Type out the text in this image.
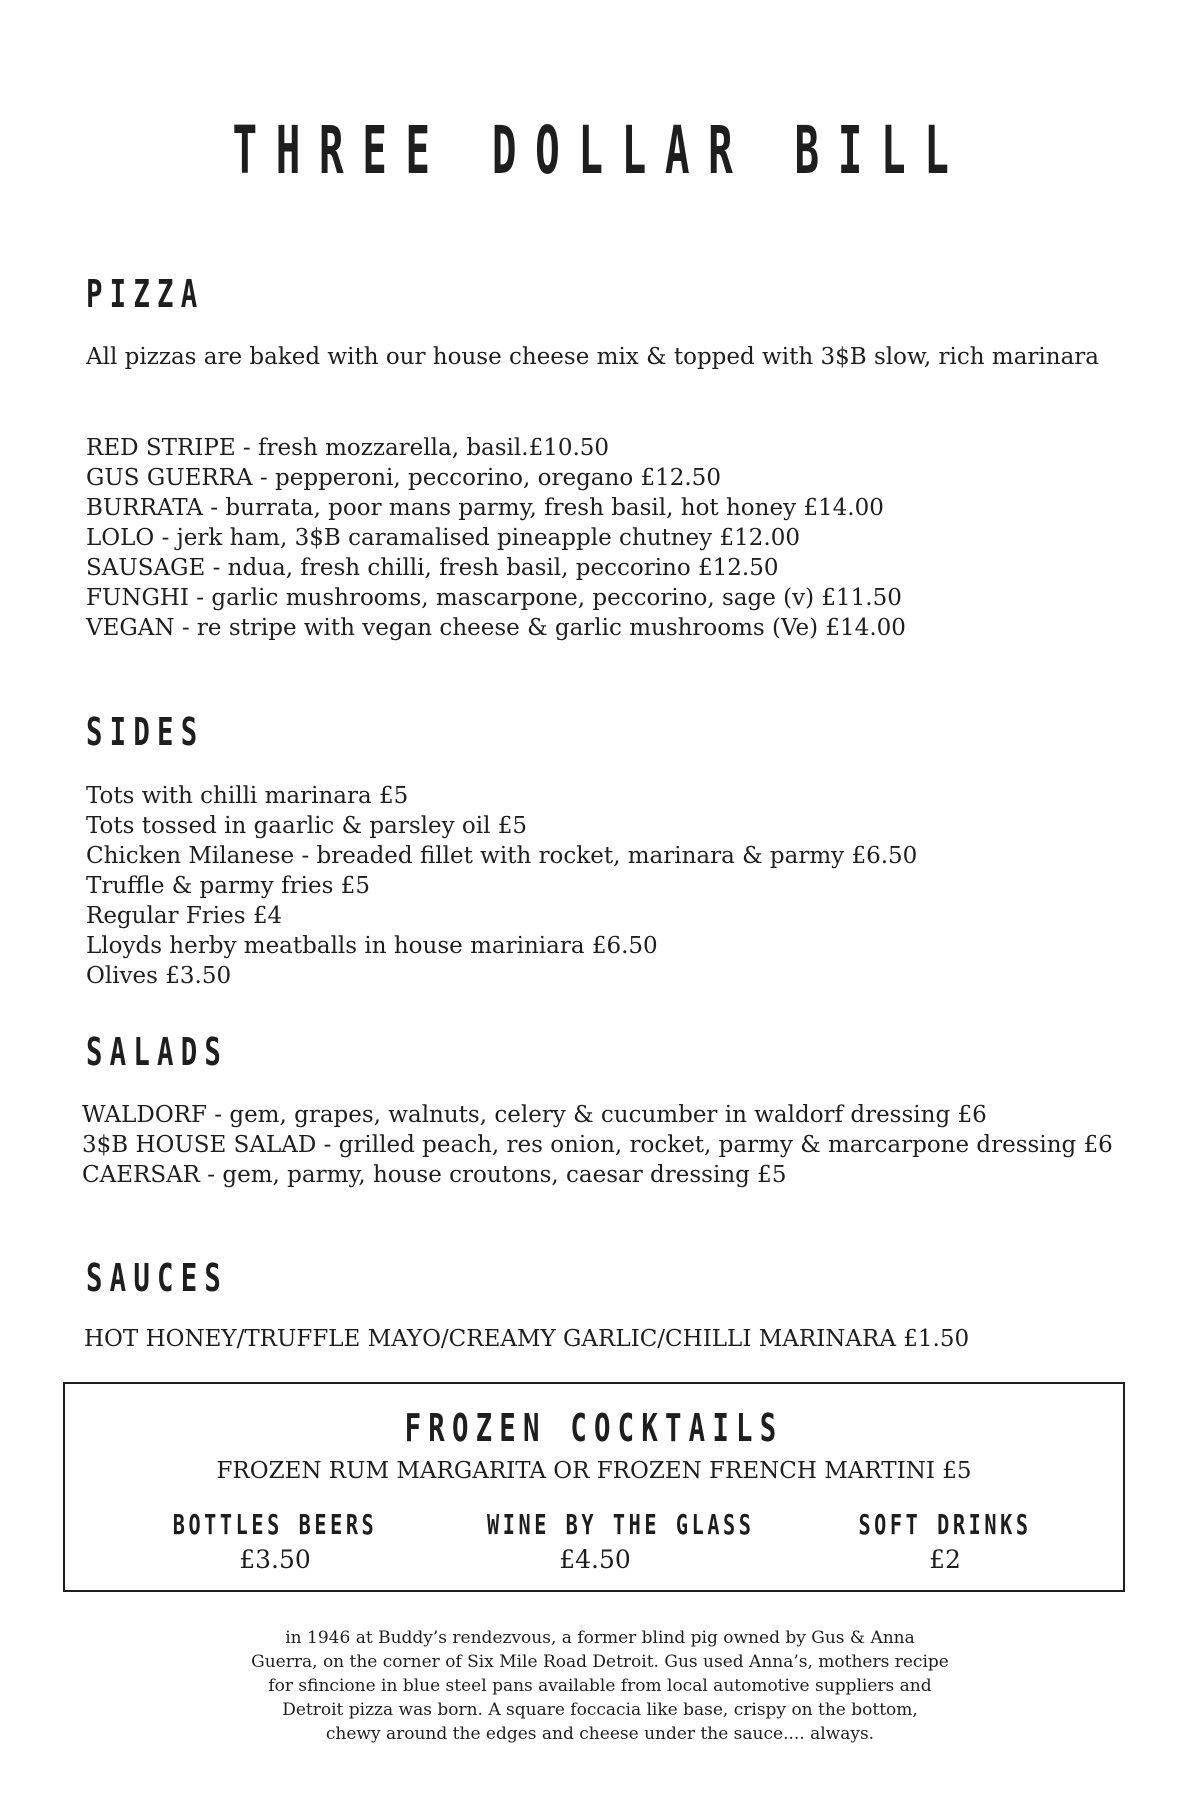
THREE DOLLAR BILL
PIZZA
All pizzas are baked with our house cheese mix & topped with 3$B slow, rich marinara
RED STRIPE - fresh mozzarella, basil.£10.50
GUS GUERRA - pepperoni, peccorino, oregano £12.50
BURRATA - burrata, poor mans parmy, fresh basil, hot honey £14.00
LOLO - jerk ham, 3$B caramalised pineapple chutney £12.00
SAUSAGE - ndua, fresh chilli, fresh basil, peccorino £12.50
FUNGHI - garlic mushrooms, mascarpone, peccorino, sage (v) £11.50
VEGAN - re stripe with vegan cheese & garlic mushrooms (Ve) £14.00
SIDES
Tots with chilli marinara £5
Tots tossed in gaarlic & parsley oil £5
Chicken Milanese - breaded fillet with rocket, marinara & parmy £6.50
Truffle & parmy fries £5
Regular Fries £4
Lloyds herby meatballs in house mariniara £6.50
Olives £3.50
SALADS
WALDORF - gem, grapes, walnuts, celery & cucumber in waldorf dressing £6
3$B HOUSE SALAD - grilled peach, res onion, rocket, parmy & marcarpone dressing £6
CAERSAR - gem, parmy, house croutons, caesar dressing £5
SAUCES
HOT HONEY/TRUFFLE MAYO/CREAMY GARLIC/CHILLI MARINARA £1.50
FROZEN COCKTAILS
FROZEN RUM MARGARITA OR FROZEN FRENCH MARTINI £5
BOTTLES BEERS
£3.50
WINE BY THE GLASS
£4.50
SOFT DRINKS
£2
in 1946 at Buddy’s rendezvous, a former blind pig owned by Gus & Anna
Guerra, on the corner of Six Mile Road Detroit. Gus used Anna’s, mothers recipe
for sfincione in blue steel pans available from local automotive suppliers and
Detroit pizza was born. A square foccacia like base, crispy on the bottom,
chewy around the edges and cheese under the sauce.... always.
